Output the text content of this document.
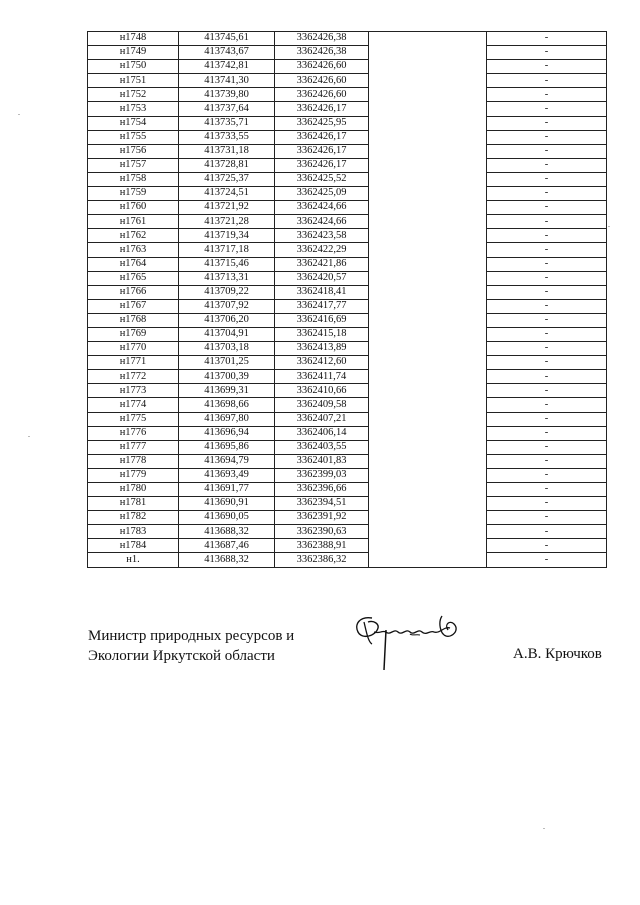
н1748	413745,61	3362426,38		-
н1749	413743,67	3362426,38		-
н1750	413742,81	3362426,60		-
н1751	413741,30	3362426,60		-
н1752	413739,80	3362426,60		-
н1753	413737,64	3362426,17		-
н1754	413735,71	3362425,95		-
н1755	413733,55	3362426,17		-
н1756	413731,18	3362426,17		-
н1757	413728,81	3362426,17		-
н1758	413725,37	3362425,52		-
н1759	413724,51	3362425,09		-
н1760	413721,92	3362424,66		-
н1761	413721,28	3362424,66		-
н1762	413719,34	3362423,58		-
н1763	413717,18	3362422,29		-
н1764	413715,46	3362421,86		-
н1765	413713,31	3362420,57		-
н1766	413709,22	3362418,41		-
н1767	413707,92	3362417,77		-
н1768	413706,20	3362416,69		-
н1769	413704,91	3362415,18		-
н1770	413703,18	3362413,89		-
н1771	413701,25	3362412,60		-
н1772	413700,39	3362411,74		-
н1773	413699,31	3362410,66		-
н1774	413698,66	3362409,58		-
н1775	413697,80	3362407,21		-
н1776	413696,94	3362406,14		-
н1777	413695,86	3362403,55		-
н1778	413694,79	3362401,83		-
н1779	413693,49	3362399,03		-
н1780	413691,77	3362396,66		-
н1781	413690,91	3362394,51		-
н1782	413690,05	3362391,92		-
н1783	413688,32	3362390,63		-
н1784	413687,46	3362388,91		-
н1.	413688,32	3362386,32		-
Министр природных ресурсов и
Экологии Иркутской области	А.В. Крючков
